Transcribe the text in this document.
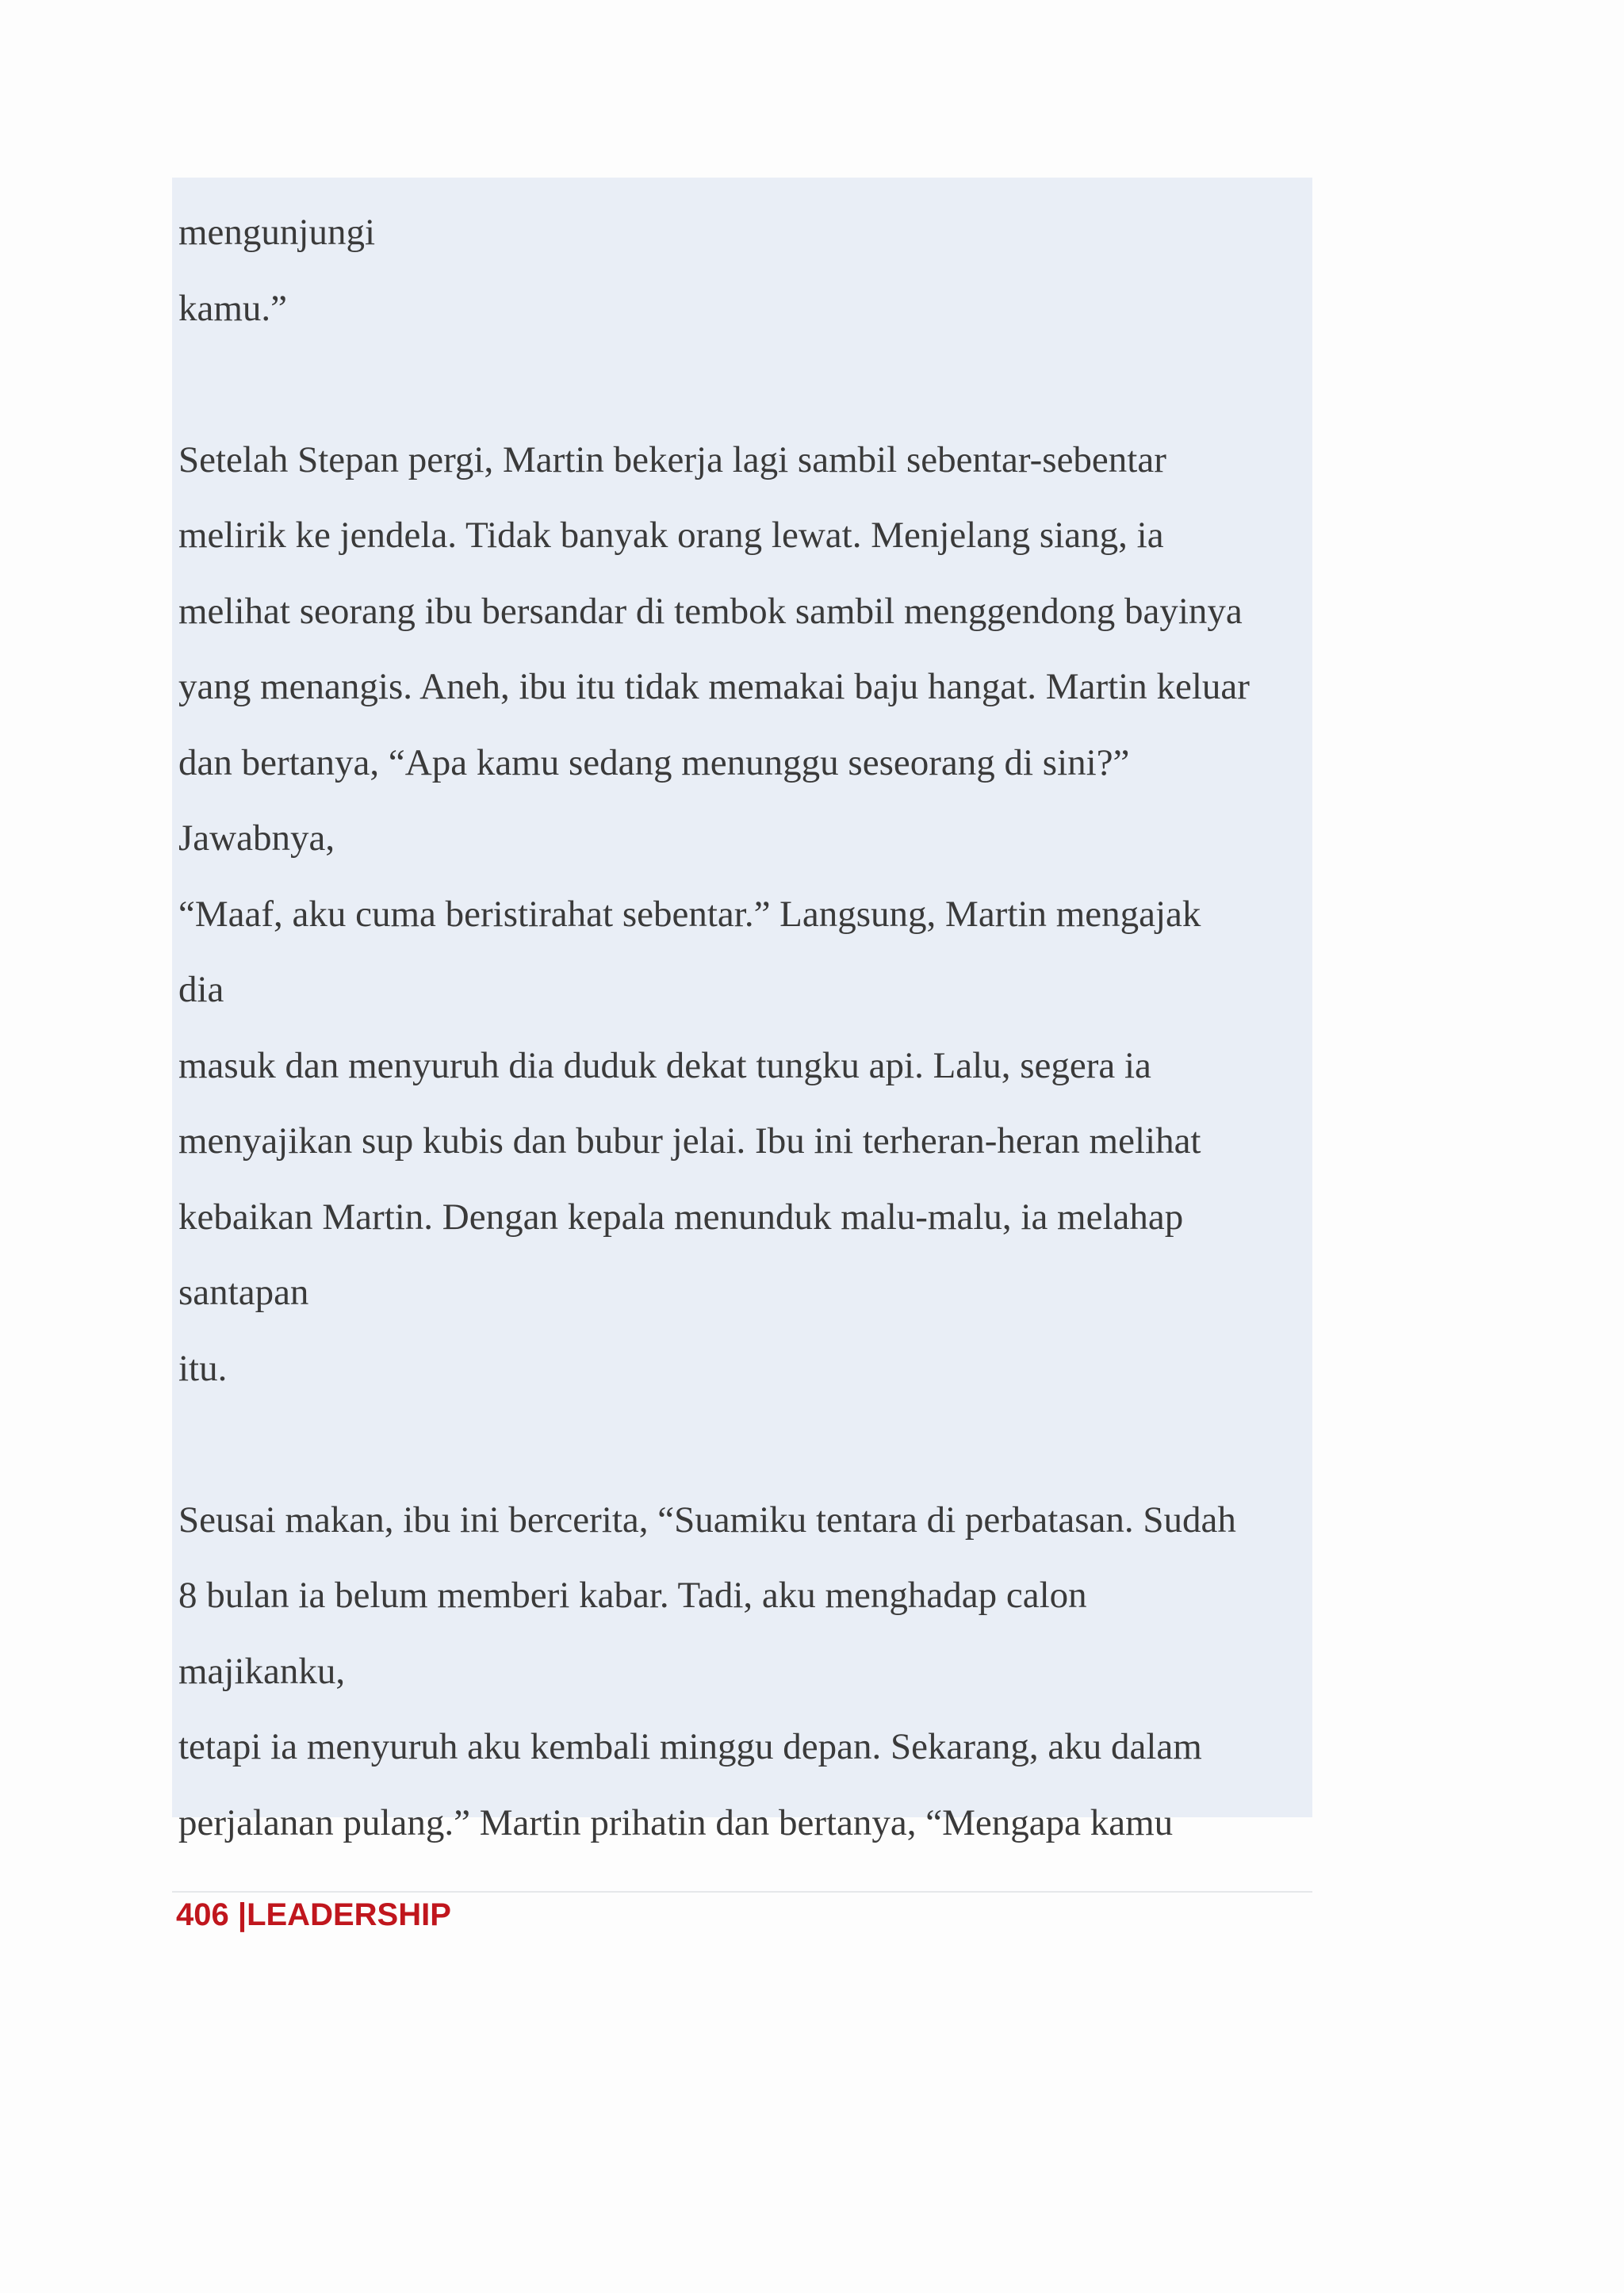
mengunjungi
kamu.”
Setelah Stepan pergi, Martin bekerja lagi sambil sebentar-sebentar
melirik ke jendela. Tidak banyak orang lewat. Menjelang siang, ia
melihat seorang ibu bersandar di tembok sambil menggendong bayinya
yang menangis. Aneh, ibu itu tidak memakai baju hangat. Martin keluar
dan bertanya, “Apa kamu sedang menunggu seseorang di sini?”
Jawabnya,
“Maaf, aku cuma beristirahat sebentar.” Langsung, Martin mengajak
dia
masuk dan menyuruh dia duduk dekat tungku api. Lalu, segera ia
menyajikan sup kubis dan bubur jelai. Ibu ini terheran-heran melihat
kebaikan Martin. Dengan kepala menunduk malu-malu, ia melahap
santapan
itu.
Seusai makan, ibu ini bercerita, “Suamiku tentara di perbatasan. Sudah
8 bulan ia belum memberi kabar. Tadi, aku menghadap calon
majikanku,
tetapi ia menyuruh aku kembali minggu depan. Sekarang, aku dalam
perjalanan pulang.” Martin prihatin dan bertanya, “Mengapa kamu
406 |LEADERSHIP
